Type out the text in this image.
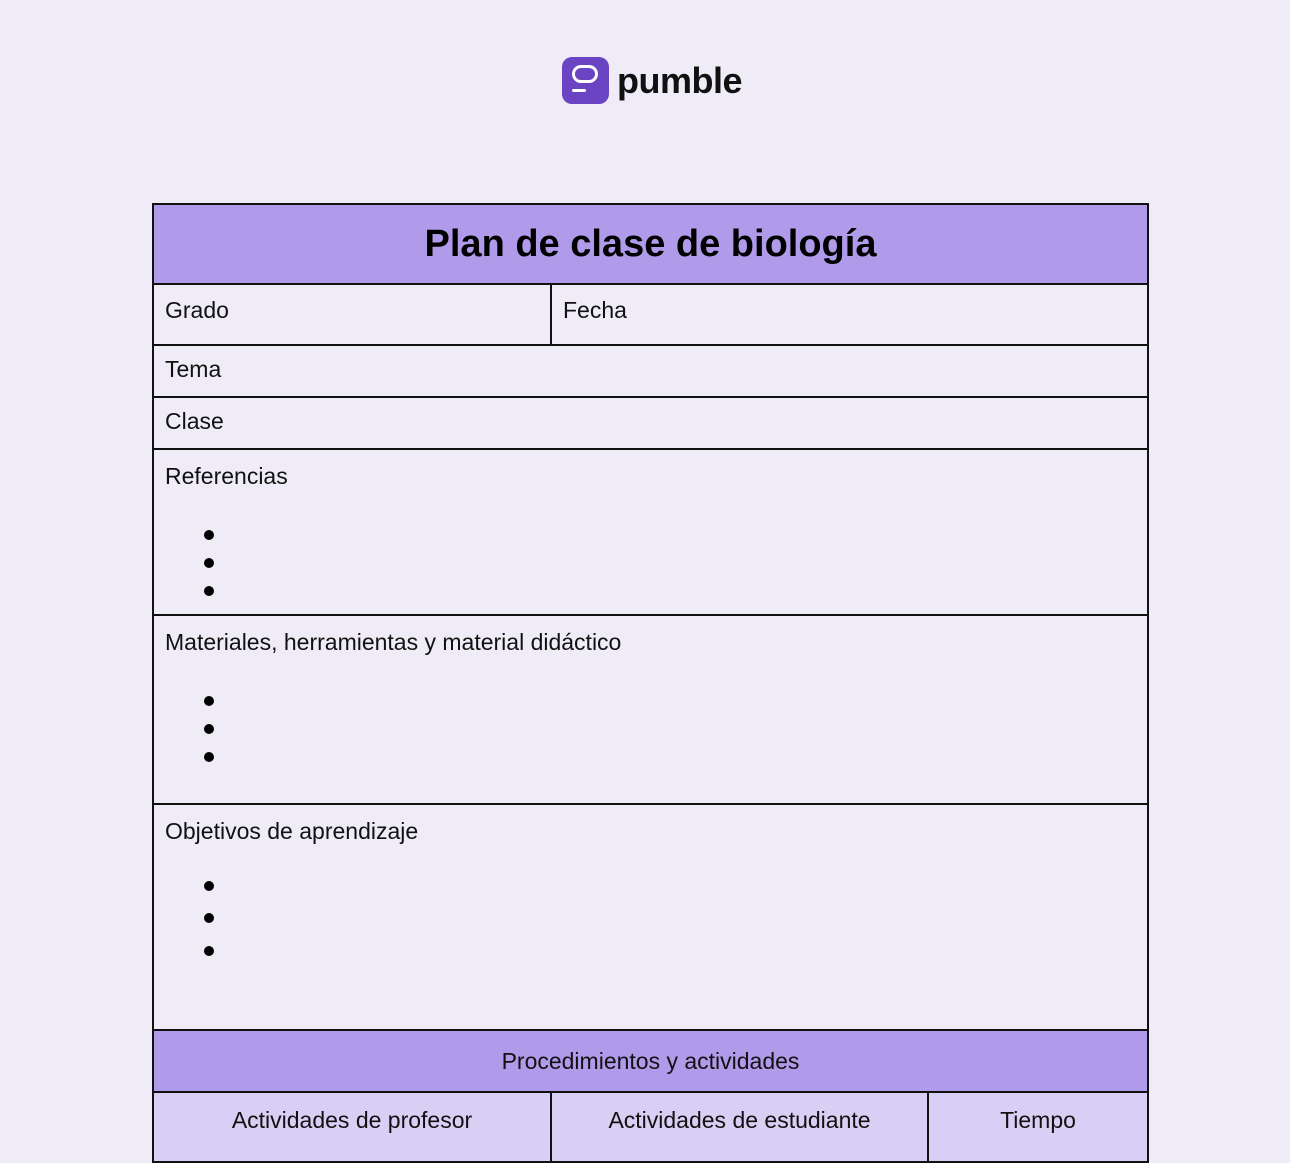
pumble
Plan de clase de biología
Grado	Fecha
Tema
Clase
Referencias
Materiales, herramientas y material didáctico
Objetivos de aprendizaje
Procedimientos y actividades
Actividades de profesor	Actividades de estudiante	Tiempo
